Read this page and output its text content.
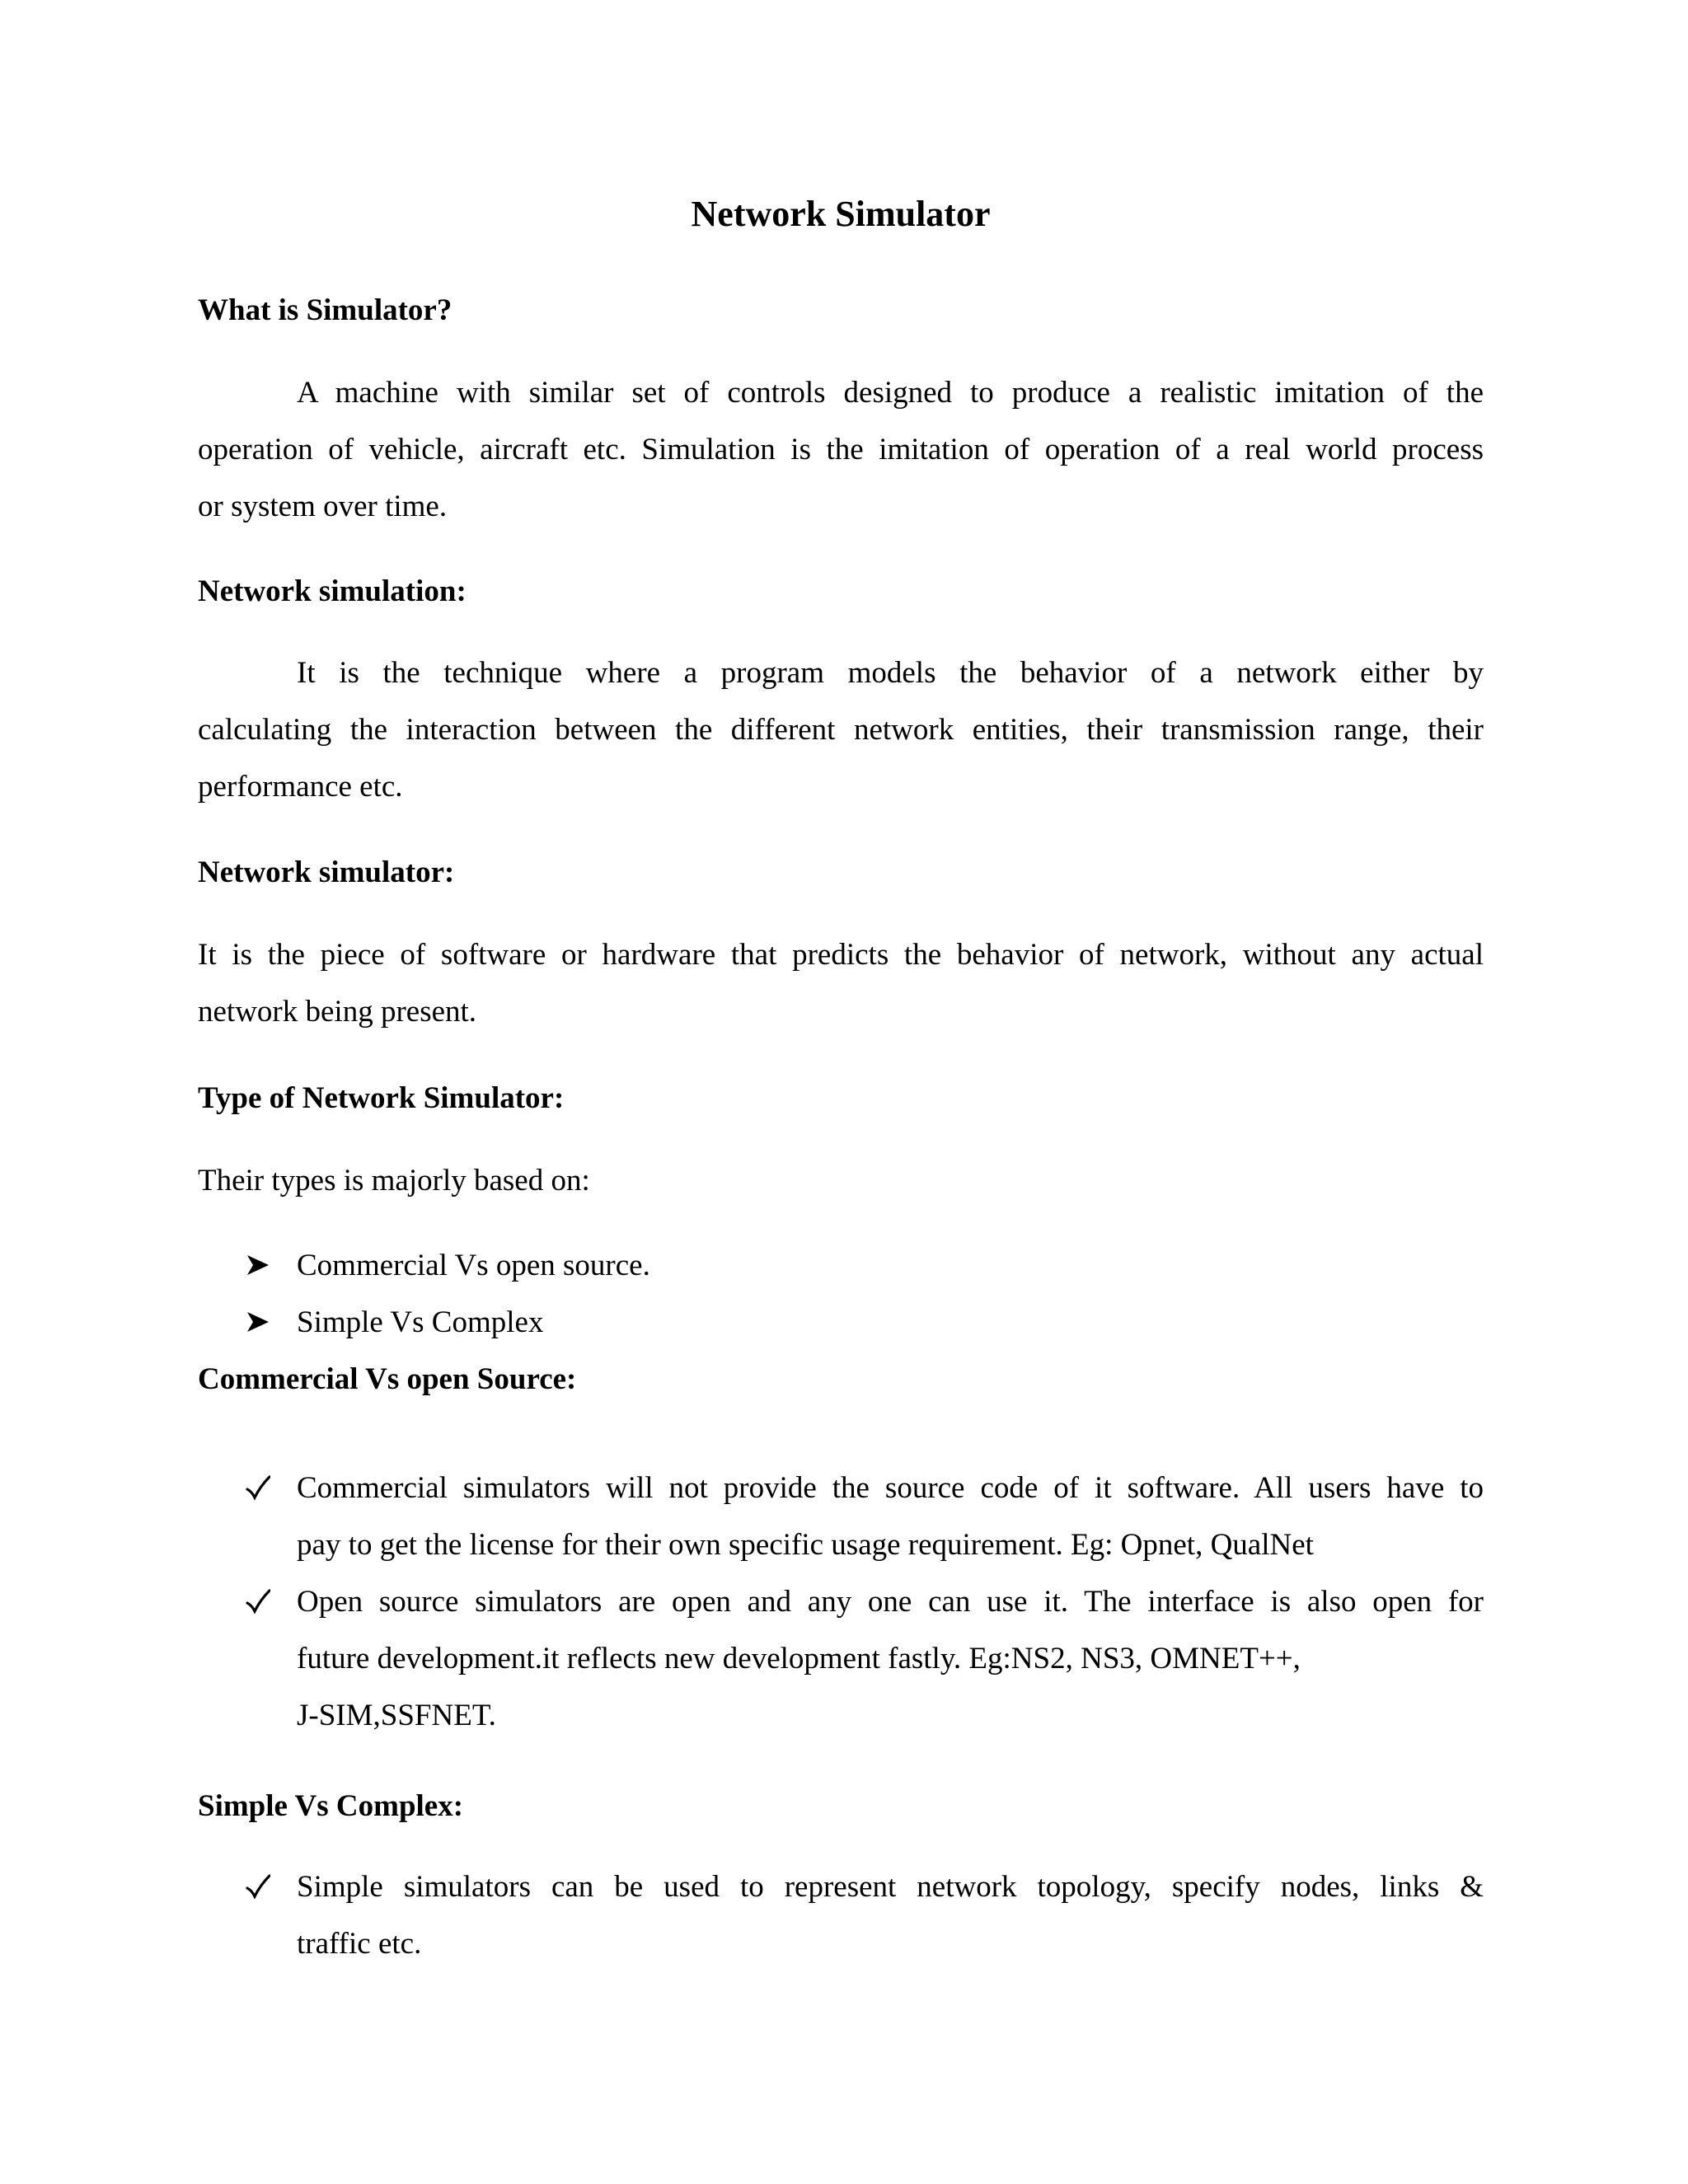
Network Simulator
What is Simulator?
A machine with similar set of controls designed to produce a realistic imitation of the
operation of vehicle, aircraft etc. Simulation is the imitation of operation of a real world process
or system over time.
Network simulation:
It is the technique where a program models the behavior of a network either by
calculating the interaction between the different network entities, their transmission range, their
performance etc.
Network simulator:
It is the piece of software or hardware that predicts the behavior of network, without any actual
network being present.
Type of Network Simulator:
Their types is majorly based on:
Commercial Vs open source.
Simple Vs Complex
Commercial Vs open Source:
Commercial simulators will not provide the source code of it software. All users have to
pay to get the license for their own specific usage requirement. Eg: Opnet, QualNet
Open source simulators are open and any one can use it. The interface is also open for
future development.it reflects new development fastly. Eg:NS2, NS3, OMNET++,
J-SIM,SSFNET.
Simple Vs Complex:
Simple simulators can be used to represent network topology, specify nodes, links &
traffic etc.
